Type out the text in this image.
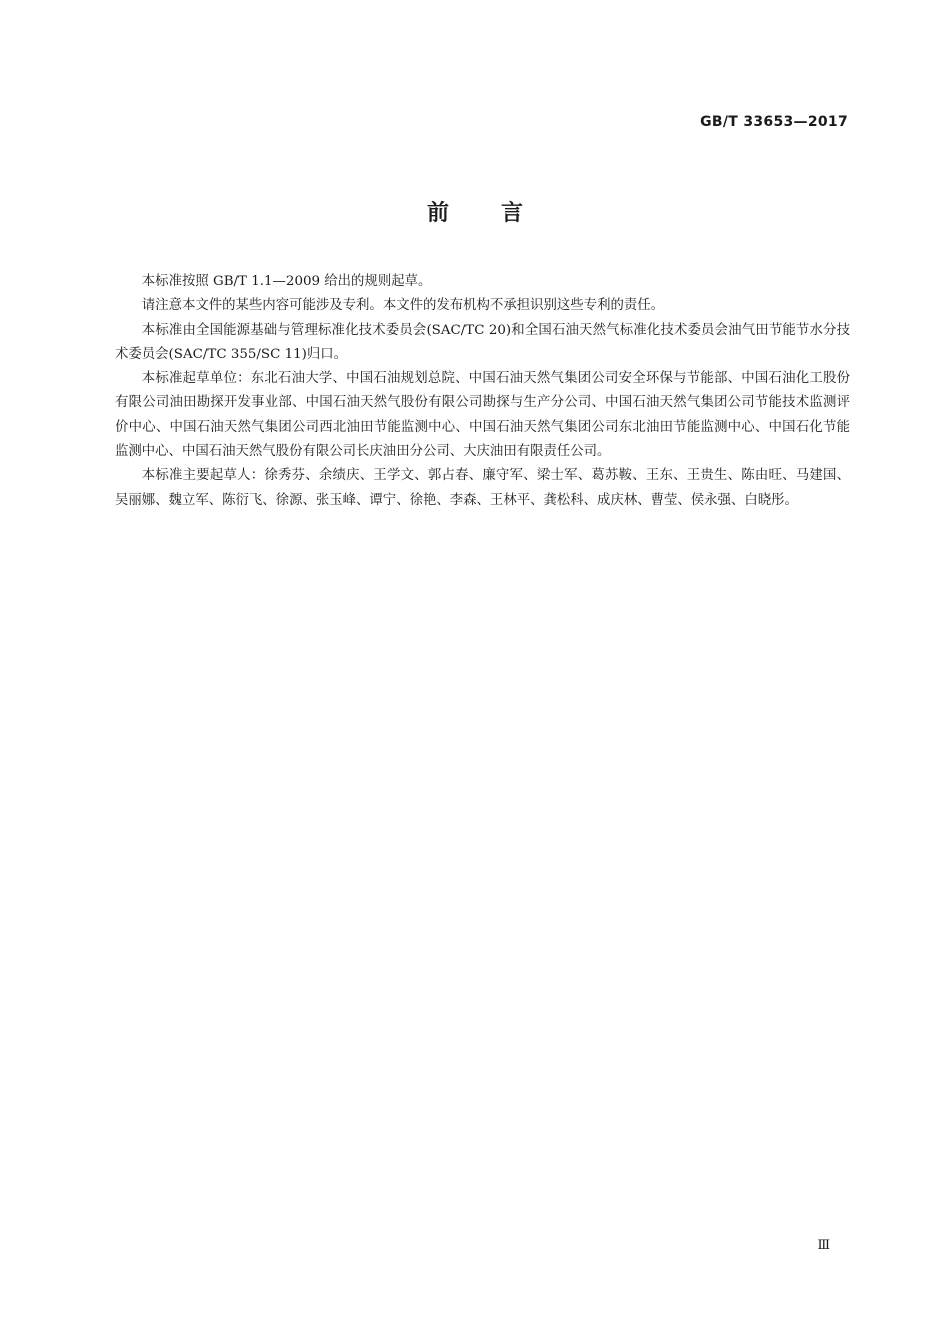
GB/T 33653—2017
前言

本标准按照 GB/T 1.1—2009 给出的规则起草。

请注意本文件的某些内容可能涉及专利。本文件的发布机构不承担识别这些专利的责任。

本标准由全国能源基础与管理标准化技术委员会(SAC/TC 20)和全国石油天然气标准化技术委员会油气田节能节水分技术委员会(SAC/TC 355/SC 11)归口。

本标准起草单位：东北石油大学、中国石油规划总院、中国石油天然气集团公司安全环保与节能部、中国石油化工股份有限公司油田勘探开发事业部、中国石油天然气股份有限公司勘探与生产分公司、中国石油天然气集团公司节能技术监测评价中心、中国石油天然气集团公司西北油田节能监测中心、中国石油天然气集团公司东北油田节能监测中心、中国石化节能监测中心、中国石油天然气股份有限公司长庆油田分公司、大庆油田有限责任公司。

本标准主要起草人：徐秀芬、余绩庆、王学文、郭占春、廉守军、梁士军、葛苏鞍、王东、王贵生、陈由旺、马建国、吴丽娜、魏立军、陈衍飞、徐源、张玉峰、谭宁、徐艳、李森、王林平、龚松科、成庆林、曹莹、侯永强、白晓彤。

Ⅲ
